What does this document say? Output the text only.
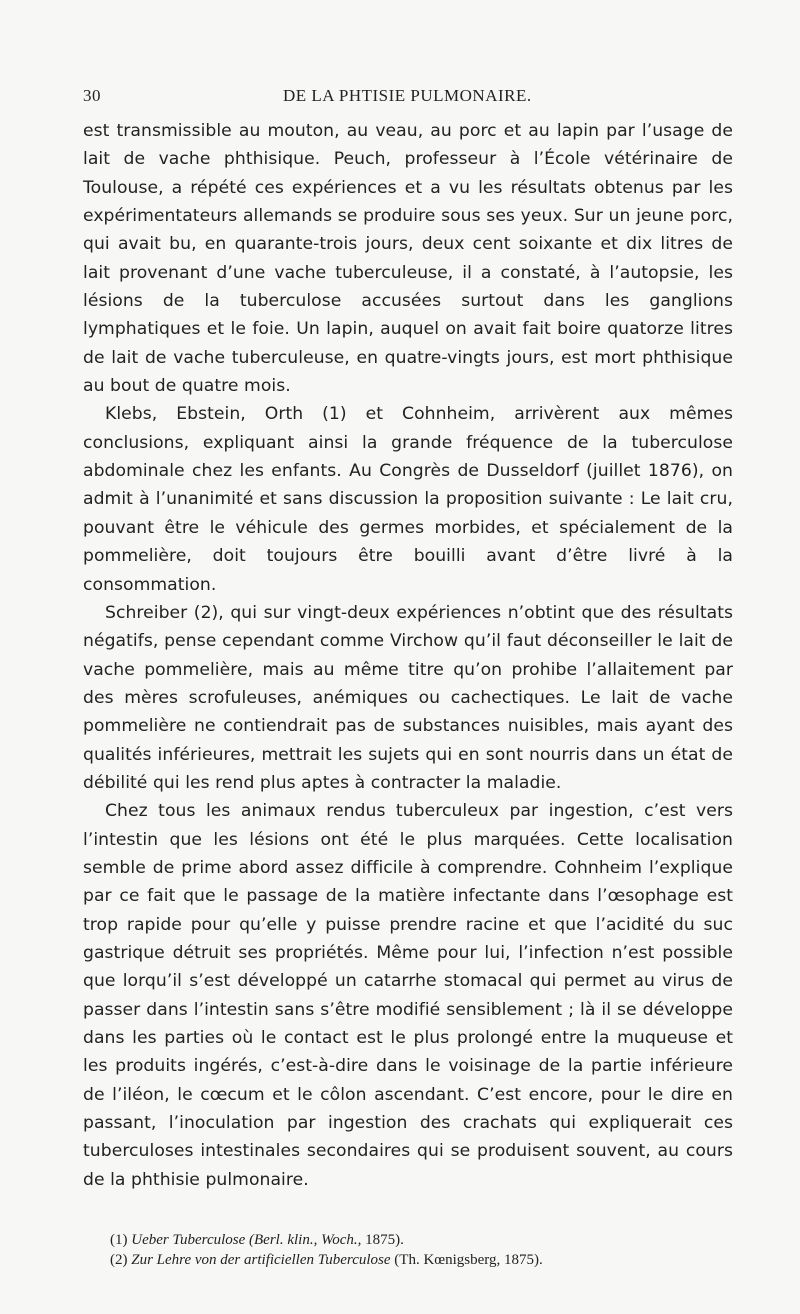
30	DE LA PHTISIE PULMONAIRE.

est transmissible au mouton, au veau, au porc et au lapin par l’usage de lait de vache phthisique. Peuch, professeur à l’École vétérinaire de Toulouse, a répété ces expériences et a vu les résultats obtenus par les expérimentateurs allemands se produire sous ses yeux. Sur un jeune porc, qui avait bu, en quarante-trois jours, deux cent soixante et dix litres de lait provenant d’une vache tuberculeuse, il a constaté, à l’autopsie, les lésions de la tuberculose accusées surtout dans les ganglions lymphatiques et le foie. Un lapin, auquel on avait fait boire quatorze litres de lait de vache tuberculeuse, en quatre-vingts jours, est mort phthisique au bout de quatre mois.

Klebs, Ebstein, Orth (1) et Cohnheim, arrivèrent aux mêmes conclusions, expliquant ainsi la grande fréquence de la tuberculose abdominale chez les enfants. Au Congrès de Dusseldorf (juillet 1876), on admit à l’unanimité et sans discussion la proposition suivante : Le lait cru, pouvant être le véhicule des germes morbides, et spécialement de la pommelière, doit toujours être bouilli avant d’être livré à la consommation.

Schreiber (2), qui sur vingt-deux expériences n’obtint que des résultats négatifs, pense cependant comme Virchow qu’il faut déconseiller le lait de vache pommelière, mais au même titre qu’on prohibe l’allaitement par des mères scrofuleuses, anémiques ou cachectiques. Le lait de vache pommelière ne contiendrait pas de substances nuisibles, mais ayant des qualités inférieures, mettrait les sujets qui en sont nourris dans un état de débilité qui les rend plus aptes à contracter la maladie.

Chez tous les animaux rendus tuberculeux par ingestion, c’est vers l’intestin que les lésions ont été le plus marquées. Cette localisation semble de prime abord assez difficile à comprendre. Cohnheim l’explique par ce fait que le passage de la matière infectante dans l’œsophage est trop rapide pour qu’elle y puisse prendre racine et que l’acidité du suc gastrique détruit ses propriétés. Même pour lui, l’infection n’est possible que lorqu’il s’est développé un catarrhe stomacal qui permet au virus de passer dans l’intestin sans s’être modifié sensiblement ; là il se développe dans les parties où le contact est le plus prolongé entre la muqueuse et les produits ingérés, c’est-à-dire dans le voisinage de la partie inférieure de l’iléon, le cœcum et le côlon ascendant. C’est encore, pour le dire en passant, l’inoculation par ingestion des crachats qui expliquerait ces tuberculoses intestinales secondaires qui se produisent souvent, au cours de la phthisie pulmonaire.

(1) Ueber Tuberculose (Berl. klin., Woch., 1875).
(2) Zur Lehre von der artificiellen Tuberculose (Th. Kœnigsberg, 1875).
